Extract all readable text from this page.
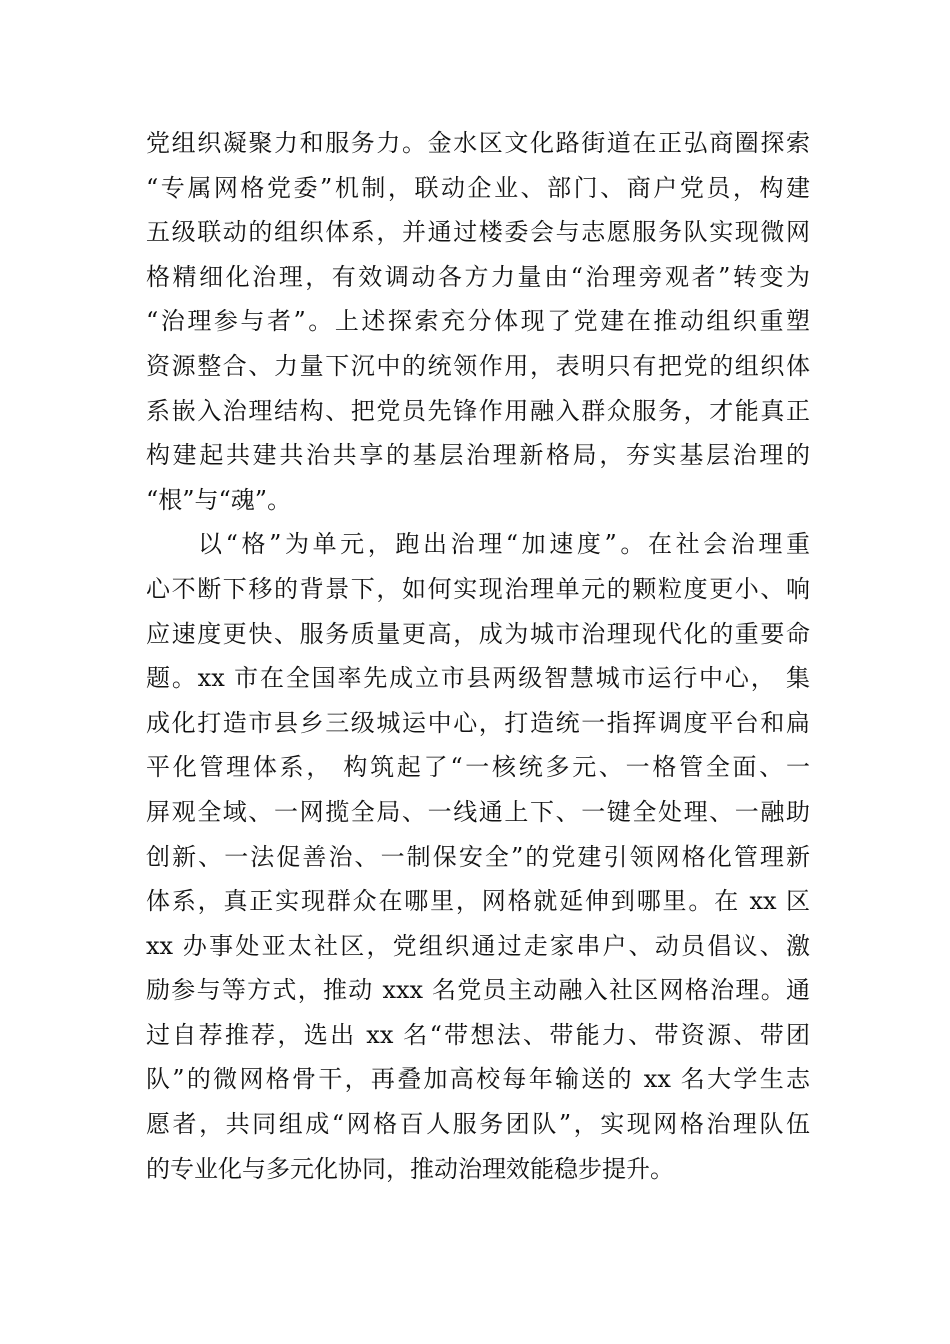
党组织凝聚力和服务力。金水区文化路街道在正弘商圈探索
“专属网格党委”机制，联动企业、部门、商户党员，构建
五级联动的组织体系，并通过楼委会与志愿服务队实现微网
格精细化治理，有效调动各方力量由“治理旁观者”转变为
“治理参与者”。上述探索充分体现了党建在推动组织重塑
资源整合、力量下沉中的统领作用，表明只有把党的组织体
系嵌入治理结构、把党员先锋作用融入群众服务，才能真正
构建起共建共治共享的基层治理新格局，夯实基层治理的
“根”与“魂”。
以“格”为单元，跑出治理“加速度”。在社会治理重
心不断下移的背景下，如何实现治理单元的颗粒度更小、响
应速度更快、服务质量更高，成为城市治理现代化的重要命
题。xx 市在全国率先成立市县两级智慧城市运行中心， 集
成化打造市县乡三级城运中心，打造统一指挥调度平台和扁
平化管理体系， 构筑起了“一核统多元、一格管全面、一
屏观全域、一网揽全局、一线通上下、一键全处理、一融助
创新、一法促善治、一制保安全”的党建引领网格化管理新
体系，真正实现群众在哪里，网格就延伸到哪里。在 xx 区
xx 办事处亚太社区，党组织通过走家串户、动员倡议、激
励参与等方式，推动 xxx 名党员主动融入社区网格治理。通
过自荐推荐，选出 xx 名“带想法、带能力、带资源、带团
队”的微网格骨干，再叠加高校每年输送的 xx 名大学生志
愿者，共同组成“网格百人服务团队”，实现网格治理队伍
的专业化与多元化协同，推动治理效能稳步提升。
